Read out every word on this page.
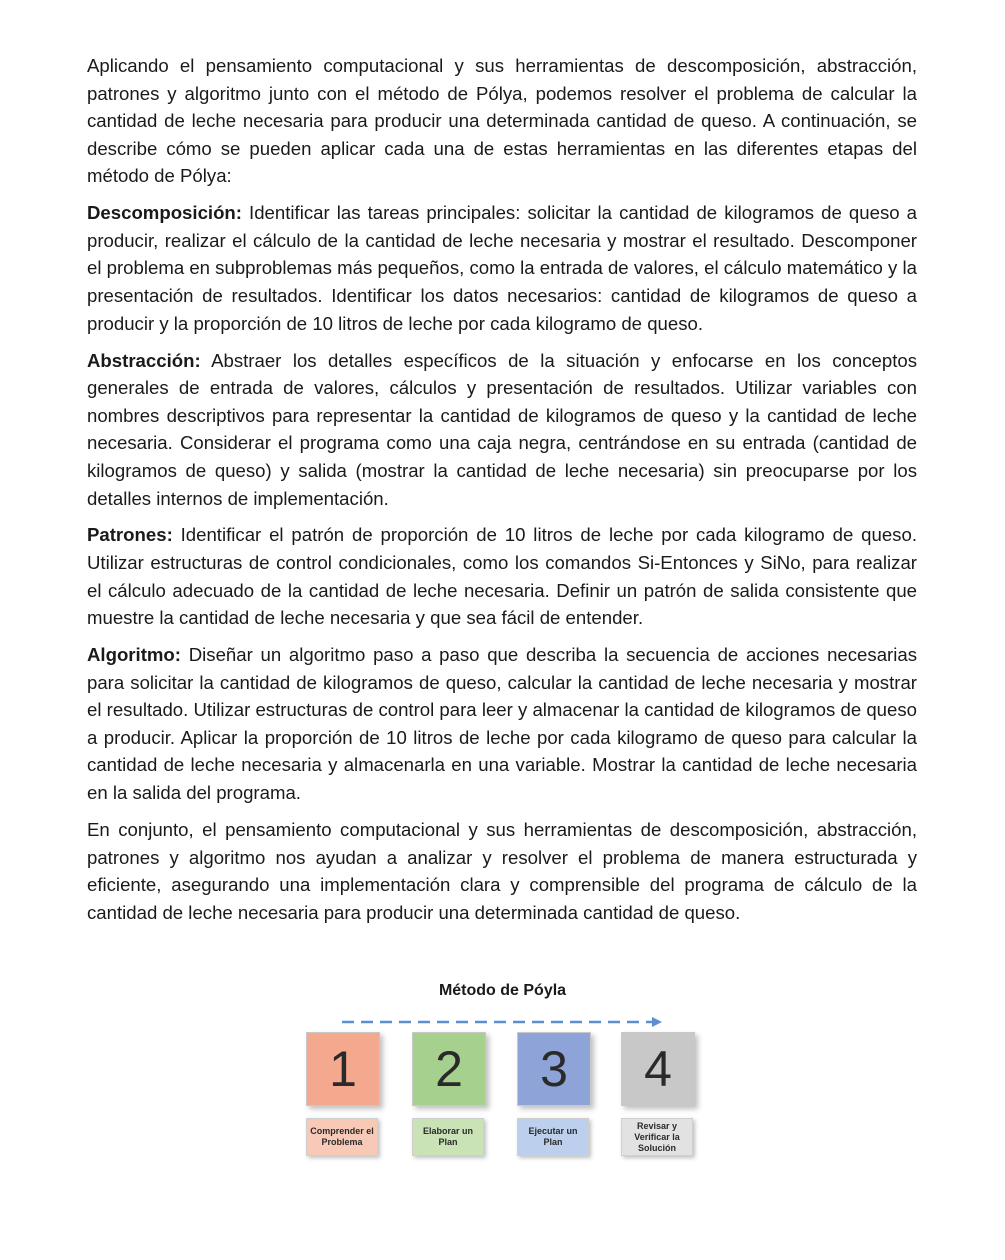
Aplicando el pensamiento computacional y sus herramientas de descomposición, abstracción, patrones y algoritmo junto con el método de Pólya, podemos resolver el problema de calcular la cantidad de leche necesaria para producir una determinada cantidad de queso. A continuación, se describe cómo se pueden aplicar cada una de estas herramientas en las diferentes etapas del método de Pólya:

Descomposición: Identificar las tareas principales: solicitar la cantidad de kilogramos de queso a producir, realizar el cálculo de la cantidad de leche necesaria y mostrar el resultado. Descomponer el problema en subproblemas más pequeños, como la entrada de valores, el cálculo matemático y la presentación de resultados. Identificar los datos necesarios: cantidad de kilogramos de queso a producir y la proporción de 10 litros de leche por cada kilogramo de queso.

Abstracción: Abstraer los detalles específicos de la situación y enfocarse en los conceptos generales de entrada de valores, cálculos y presentación de resultados. Utilizar variables con nombres descriptivos para representar la cantidad de kilogramos de queso y la cantidad de leche necesaria. Considerar el programa como una caja negra, centrándose en su entrada (cantidad de kilogramos de queso) y salida (mostrar la cantidad de leche necesaria) sin preocuparse por los detalles internos de implementación.

Patrones: Identificar el patrón de proporción de 10 litros de leche por cada kilogramo de queso. Utilizar estructuras de control condicionales, como los comandos Si-Entonces y SiNo, para realizar el cálculo adecuado de la cantidad de leche necesaria. Definir un patrón de salida consistente que muestre la cantidad de leche necesaria y que sea fácil de entender.

Algoritmo: Diseñar un algoritmo paso a paso que describa la secuencia de acciones necesarias para solicitar la cantidad de kilogramos de queso, calcular la cantidad de leche necesaria y mostrar el resultado. Utilizar estructuras de control para leer y almacenar la cantidad de kilogramos de queso a producir. Aplicar la proporción de 10 litros de leche por cada kilogramo de queso para calcular la cantidad de leche necesaria y almacenarla en una variable. Mostrar la cantidad de leche necesaria en la salida del programa.

En conjunto, el pensamiento computacional y sus herramientas de descomposición, abstracción, patrones y algoritmo nos ayudan a analizar y resolver el problema de manera estructurada y eficiente, asegurando una implementación clara y comprensible del programa de cálculo de la cantidad de leche necesaria para producir una determinada cantidad de queso.

Método de Póyla
1
Comprender el Problema
2
Elaborar un Plan
3
Ejecutar un Plan
4
Revisar y Verificar la Solución
